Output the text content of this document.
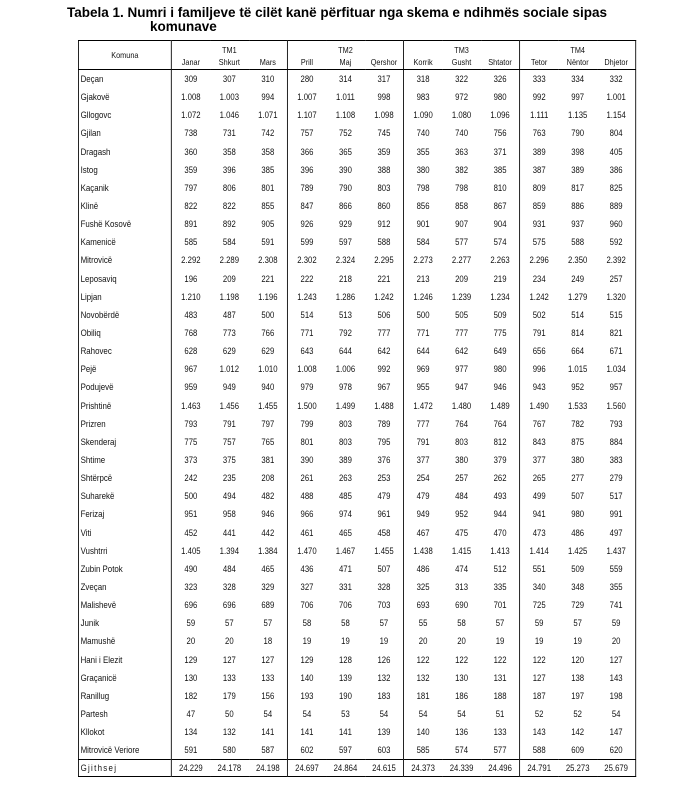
Tabela 1. Numri i familjeve të cilët kanë përfituar nga skema e ndihmës sociale sipas
komunave
Komuna	TM1			TM2			TM3			TM4		
	Janar	Shkurt	Mars	Prill	Maj	Qershor	Korrik	Gusht	Shtator	Tetor	Nëntor	Dhjetor
Deçan	309	307	310	280	314	317	318	322	326	333	334	332
Gjakovë	1.008	1.003	994	1.007	1.011	998	983	972	980	992	997	1.001
Gllogovc	1.072	1.046	1.071	1.107	1.108	1.098	1.090	1.080	1.096	1.111	1.135	1.154
Gjilan	738	731	742	757	752	745	740	740	756	763	790	804
Dragash	360	358	358	366	365	359	355	363	371	389	398	405
Istog	359	396	385	396	390	388	380	382	385	387	389	386
Kaçanik	797	806	801	789	790	803	798	798	810	809	817	825
Klinë	822	822	855	847	866	860	856	858	867	859	886	889
Fushë Kosovë	891	892	905	926	929	912	901	907	904	931	937	960
Kamenicë	585	584	591	599	597	588	584	577	574	575	588	592
Mitrovicë	2.292	2.289	2.308	2.302	2.324	2.295	2.273	2.277	2.263	2.296	2.350	2.392
Leposaviq	196	209	221	222	218	221	213	209	219	234	249	257
Lipjan	1.210	1.198	1.196	1.243	1.286	1.242	1.246	1.239	1.234	1.242	1.279	1.320
Novobërdë	483	487	500	514	513	506	500	505	509	502	514	515
Obiliq	768	773	766	771	792	777	771	777	775	791	814	821
Rahovec	628	629	629	643	644	642	644	642	649	656	664	671
Pejë	967	1.012	1.010	1.008	1.006	992	969	977	980	996	1.015	1.034
Podujevë	959	949	940	979	978	967	955	947	946	943	952	957
Prishtinë	1.463	1.456	1.455	1.500	1.499	1.488	1.472	1.480	1.489	1.490	1.533	1.560
Prizren	793	791	797	799	803	789	777	764	764	767	782	793
Skenderaj	775	757	765	801	803	795	791	803	812	843	875	884
Shtime	373	375	381	390	389	376	377	380	379	377	380	383
Shtërpcë	242	235	208	261	263	253	254	257	262	265	277	279
Suharekë	500	494	482	488	485	479	479	484	493	499	507	517
Ferizaj	951	958	946	966	974	961	949	952	944	941	980	991
Viti	452	441	442	461	465	458	467	475	470	473	486	497
Vushtrri	1.405	1.394	1.384	1.470	1.467	1.455	1.438	1.415	1.413	1.414	1.425	1.437
Zubin Potok	490	484	465	436	471	507	486	474	512	551	509	559
Zveçan	323	328	329	327	331	328	325	313	335	340	348	355
Malishevë	696	696	689	706	706	703	693	690	701	725	729	741
Junik	59	57	57	58	58	57	55	58	57	59	57	59
Mamushë	20	20	18	19	19	19	20	20	19	19	19	20
Hani i Elezit	129	127	127	129	128	126	122	122	122	122	120	127
Graçanicë	130	133	133	140	139	132	132	130	131	127	138	143
Ranillug	182	179	156	193	190	183	181	186	188	187	197	198
Partesh	47	50	54	54	53	54	54	54	51	52	52	54
Kllokot	134	132	141	141	141	139	140	136	133	143	142	147
Mitrovicë Veriore	591	580	587	602	597	603	585	574	577	588	609	620
Gjithsej	24.229	24.178	24.198	24.697	24.864	24.615	24.373	24.339	24.496	24.791	25.273	25.679
